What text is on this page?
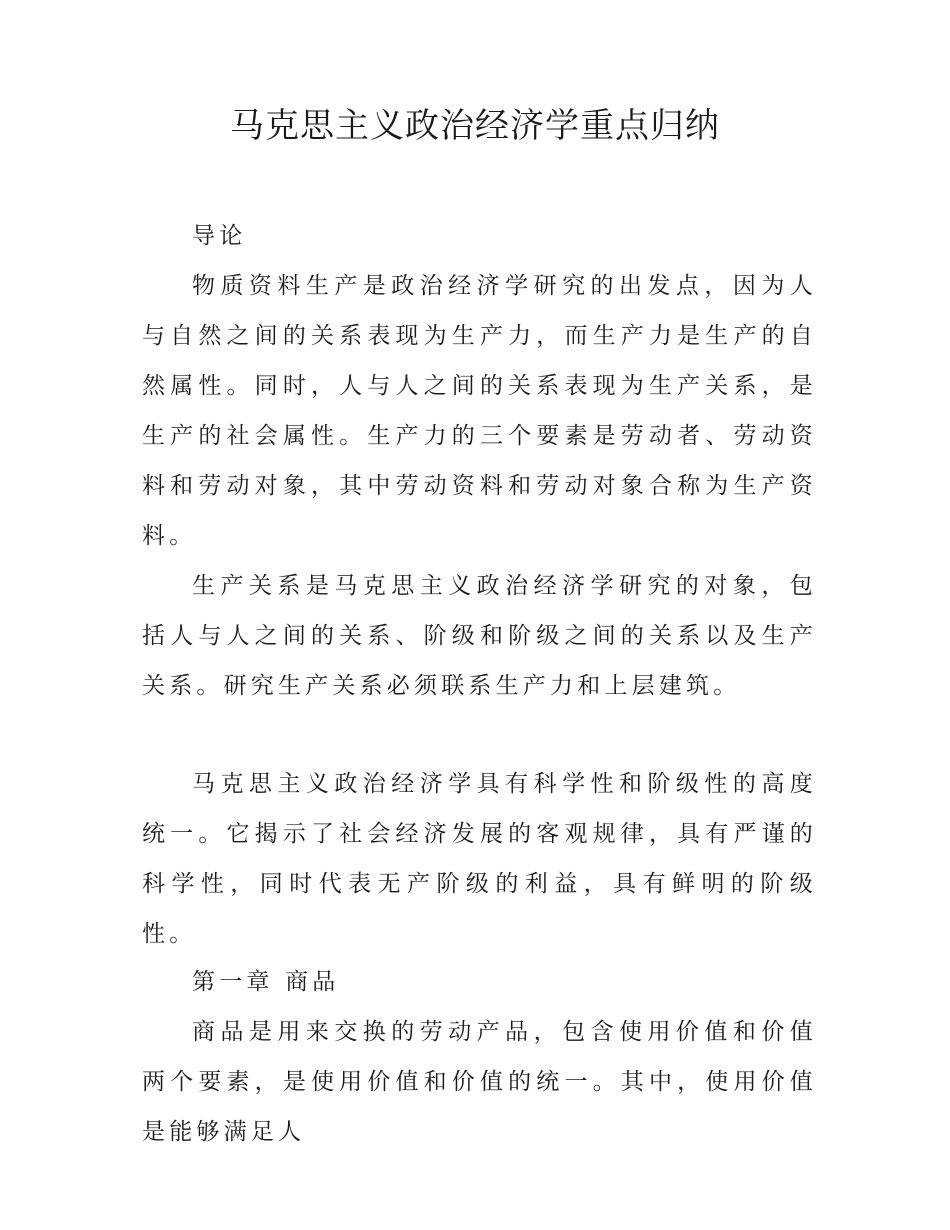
马克思主义政治经济学重点归纳
导论

物质资料生产是政治经济学研究的出发点，因为人与自然之间的关系表现为生产力，而生产力是生产的自然属性。同时，人与人之间的关系表现为生产关系，是生产的社会属性。生产力的三个要素是劳动者、劳动资料和劳动对象，其中劳动资料和劳动对象合称为生产资料。

生产关系是马克思主义政治经济学研究的对象，包括人与人之间的关系、阶级和阶级之间的关系以及生产关系。研究生产关系必须联系生产力和上层建筑。

马克思主义政治经济学具有科学性和阶级性的高度统一。它揭示了社会经济发展的客观规律，具有严谨的科学性，同时代表无产阶级的利益，具有鲜明的阶级性。

第一章 商品

商品是用来交换的劳动产品，包含使用价值和价值两个要素，是使用价值和价值的统一。其中，使用价值是能够满足人
